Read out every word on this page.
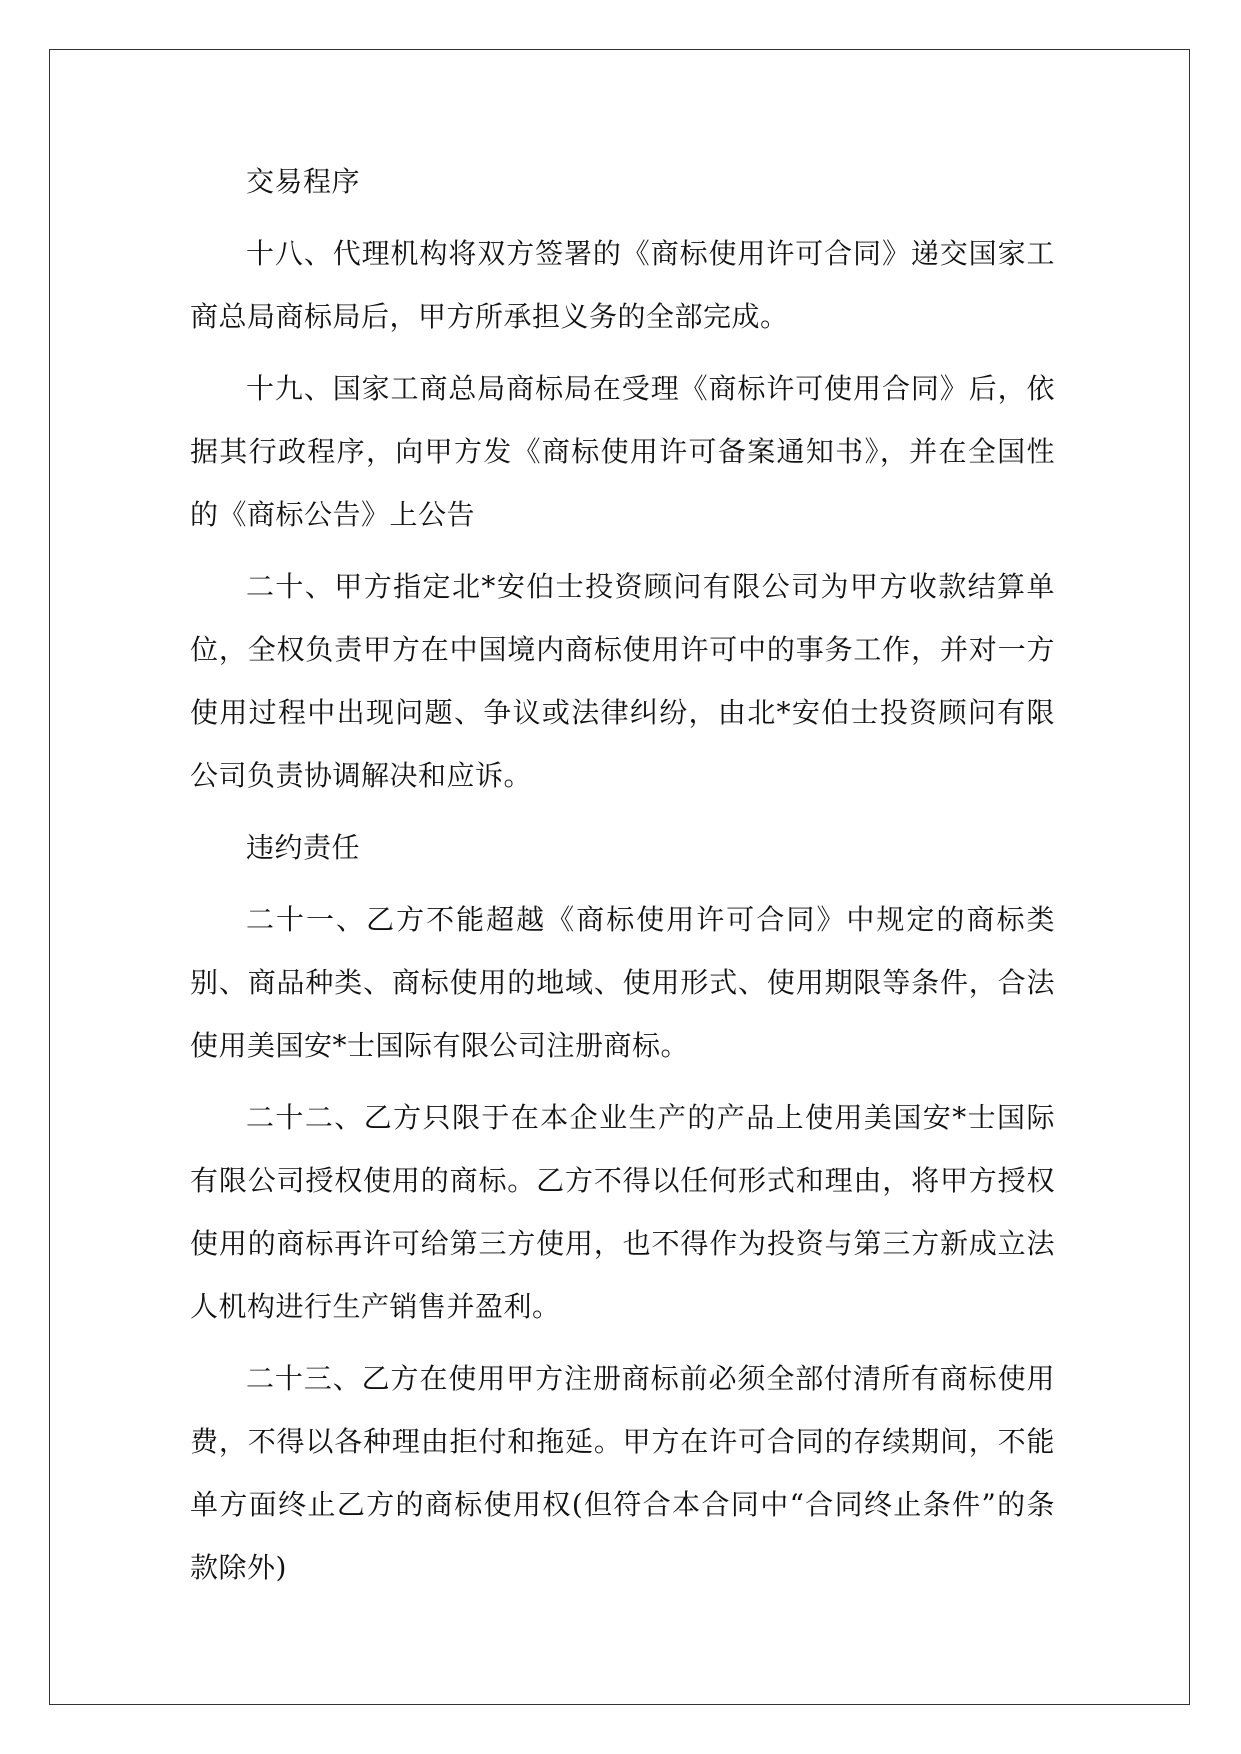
交易程序

十八、代理机构将双方签署的《商标使用许可合同》递交国家工商总局商标局后，甲方所承担义务的全部完成。

十九、国家工商总局商标局在受理《商标许可使用合同》后，依据其行政程序，向甲方发《商标使用许可备案通知书》，并在全国性的《商标公告》上公告

二十、甲方指定北*安伯士投资顾问有限公司为甲方收款结算单位，全权负责甲方在中国境内商标使用许可中的事务工作，并对一方使用过程中出现问题、争议或法律纠纷，由北*安伯士投资顾问有限公司负责协调解决和应诉。

违约责任

二十一、乙方不能超越《商标使用许可合同》中规定的商标类别、商品种类、商标使用的地域、使用形式、使用期限等条件，合法使用美国安*士国际有限公司注册商标。

二十二、乙方只限于在本企业生产的产品上使用美国安*士国际有限公司授权使用的商标。乙方不得以任何形式和理由，将甲方授权使用的商标再许可给第三方使用，也不得作为投资与第三方新成立法人机构进行生产销售并盈利。

二十三、乙方在使用甲方注册商标前必须全部付清所有商标使用费，不得以各种理由拒付和拖延。甲方在许可合同的存续期间，不能单方面终止乙方的商标使用权(但符合本合同中“合同终止条件”的条款除外)
